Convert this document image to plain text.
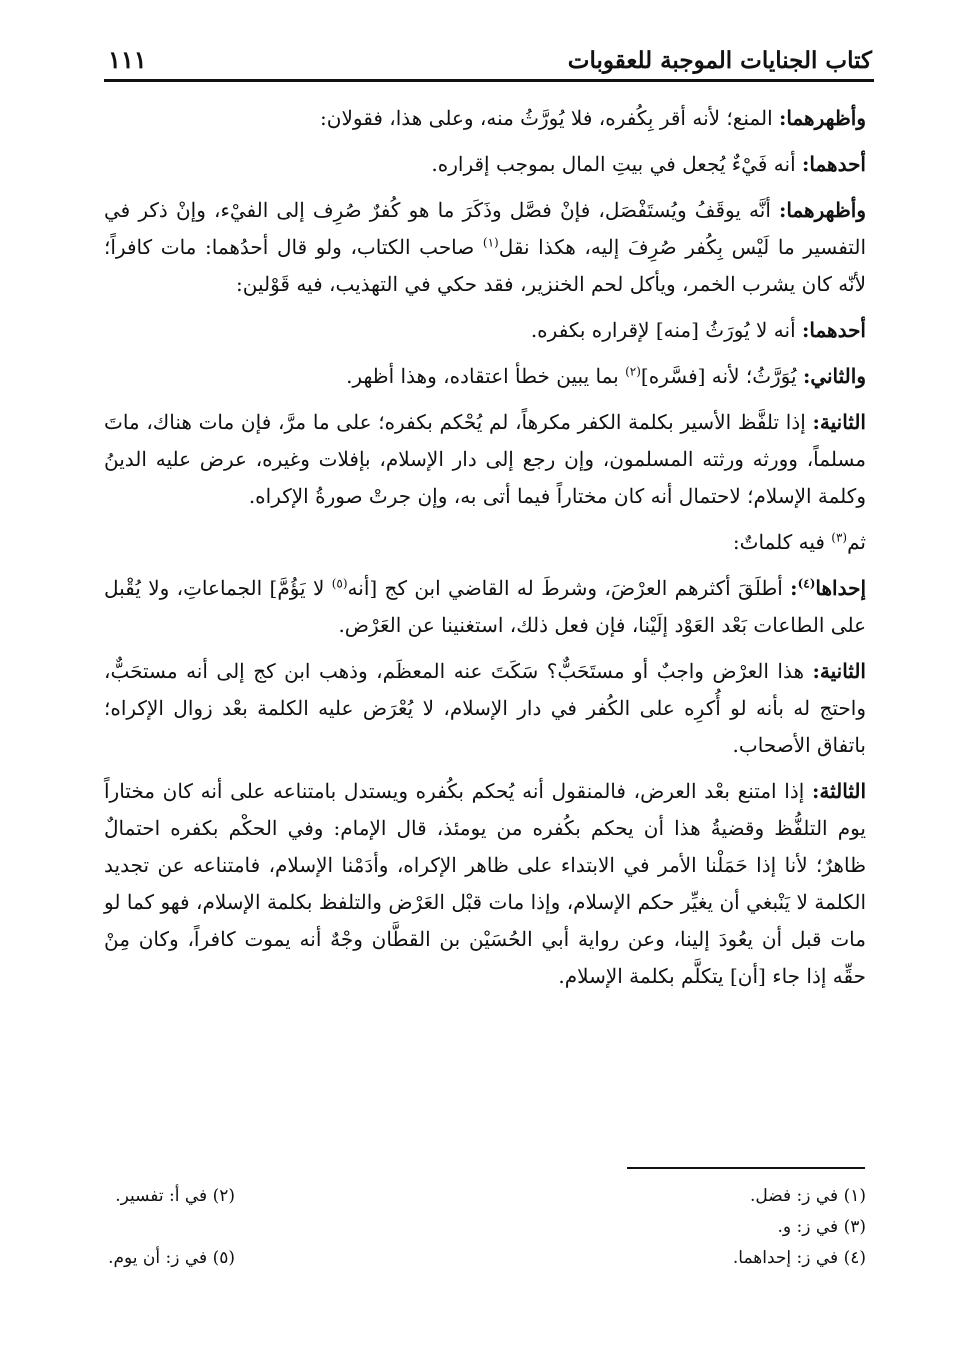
كتاب الجنايات الموجبة للعقوبات
١١١

وأظهرهما: المنع؛ لأنه أقر بِكُفره، فلا يُورَّثُ منه، وعلى هذا، فقولان:

أحدهما: أنه فَيْءٌ يُجعل في بيتِ المال بموجب إقراره.

وأظهرهما: أنَّه يوقَفُ ويُستَفْصَل، فإنْ فصَّل وذَكَرَ ما هو كُفرٌ صُرِف إلى الفيْء، وإنْ ذكر في التفسير ما لَيْس بِكُفر صُرِفَ إليه، هكذا نقل$^{(١)}$ صاحب الكتاب، ولو قال أحدُهما: مات كافراً؛ لأنّه كان يشرب الخمر، ويأكل لحم الخنزير، فقد حكي في التهذيب، فيه قَوْلين:

أحدهما: أنه لا يُورَثُ [منه] لإقراره بكفره.

والثاني: يُوَرَّثُ؛ لأنه [فسَّره]$^{(٢)}$ بما يبين خطأ اعتقاده، وهذا أظهر.

الثانية: إذا تلفَّظ الأسير بكلمة الكفر مكرهاً، لم يُحْكم بكفره؛ على ما مرَّ، فإن مات هناك، ماتَ مسلماً، وورثه ورثته المسلمون، وإن رجع إلى دار الإسلام، بإفلات وغيره، عرض عليه الدينُ وكلمة الإسلام؛ لاحتمال أنه كان مختاراً فيما أتى به، وإن جرتْ صورةُ الإكراه.

ثم$^{(٣)}$ فيه كلماتٌ:

إحداها$^{(٤)}$: أطلَقَ أكثرهم العرْضَ، وشرطَ له القاضي ابن كج [أنه$^{(٥)}$ لا يَؤُمَّ] الجماعاتِ، ولا يُقْبل على الطاعات بَعْد العَوْد إلَيْنا، فإن فعل ذلك، استغنينا عن العَرْض.

الثانية: هذا العرْض واجبٌ أو مستَحَبٌّ؟ سَكَتَ عنه المعظَم، وذهب ابن كج إلى أنه مستحَبٌّ، واحتج له بأنه لو أُكرِه على الكُفر في دار الإسلام، لا يُعْرَض عليه الكلمة بعْد زوال الإكراه؛ باتفاق الأصحاب.

الثالثة: إذا امتنع بعْد العرض، فالمنقول أنه يُحكم بكُفره ويستدل بامتناعه على أنه كان مختاراً يوم التلفُّظ وقضيةُ هذا أن يحكم بكُفره من يومئذ، قال الإمام: وفي الحكْم بكفره احتمالٌ ظاهرٌ؛ لأنا إذا حَمَلْنا الأمر في الابتداء على ظاهر الإكراه، وأدَمْنا الإسلام، فامتناعه عن تجديد الكلمة لا يَنْبغي أن يغيِّر حكم الإسلام، وإذا مات قبْل العَرْض والتلفظ بكلمة الإسلام، فهو كما لو مات قبل أن يعُودَ إلينا، وعن رواية أبي الحُسَيْن بن القطَّان وجْهٌ أنه يموت كافراً، وكان مِنْ حقِّه إذا جاء [أن] يتكلَّم بكلمة الإسلام.

(١) في ز: فضل.
(٢) في أ: تفسير.
(٣) في ز: و.
(٤) في ز: إحداهما.
(٥) في ز: أن يوم.
